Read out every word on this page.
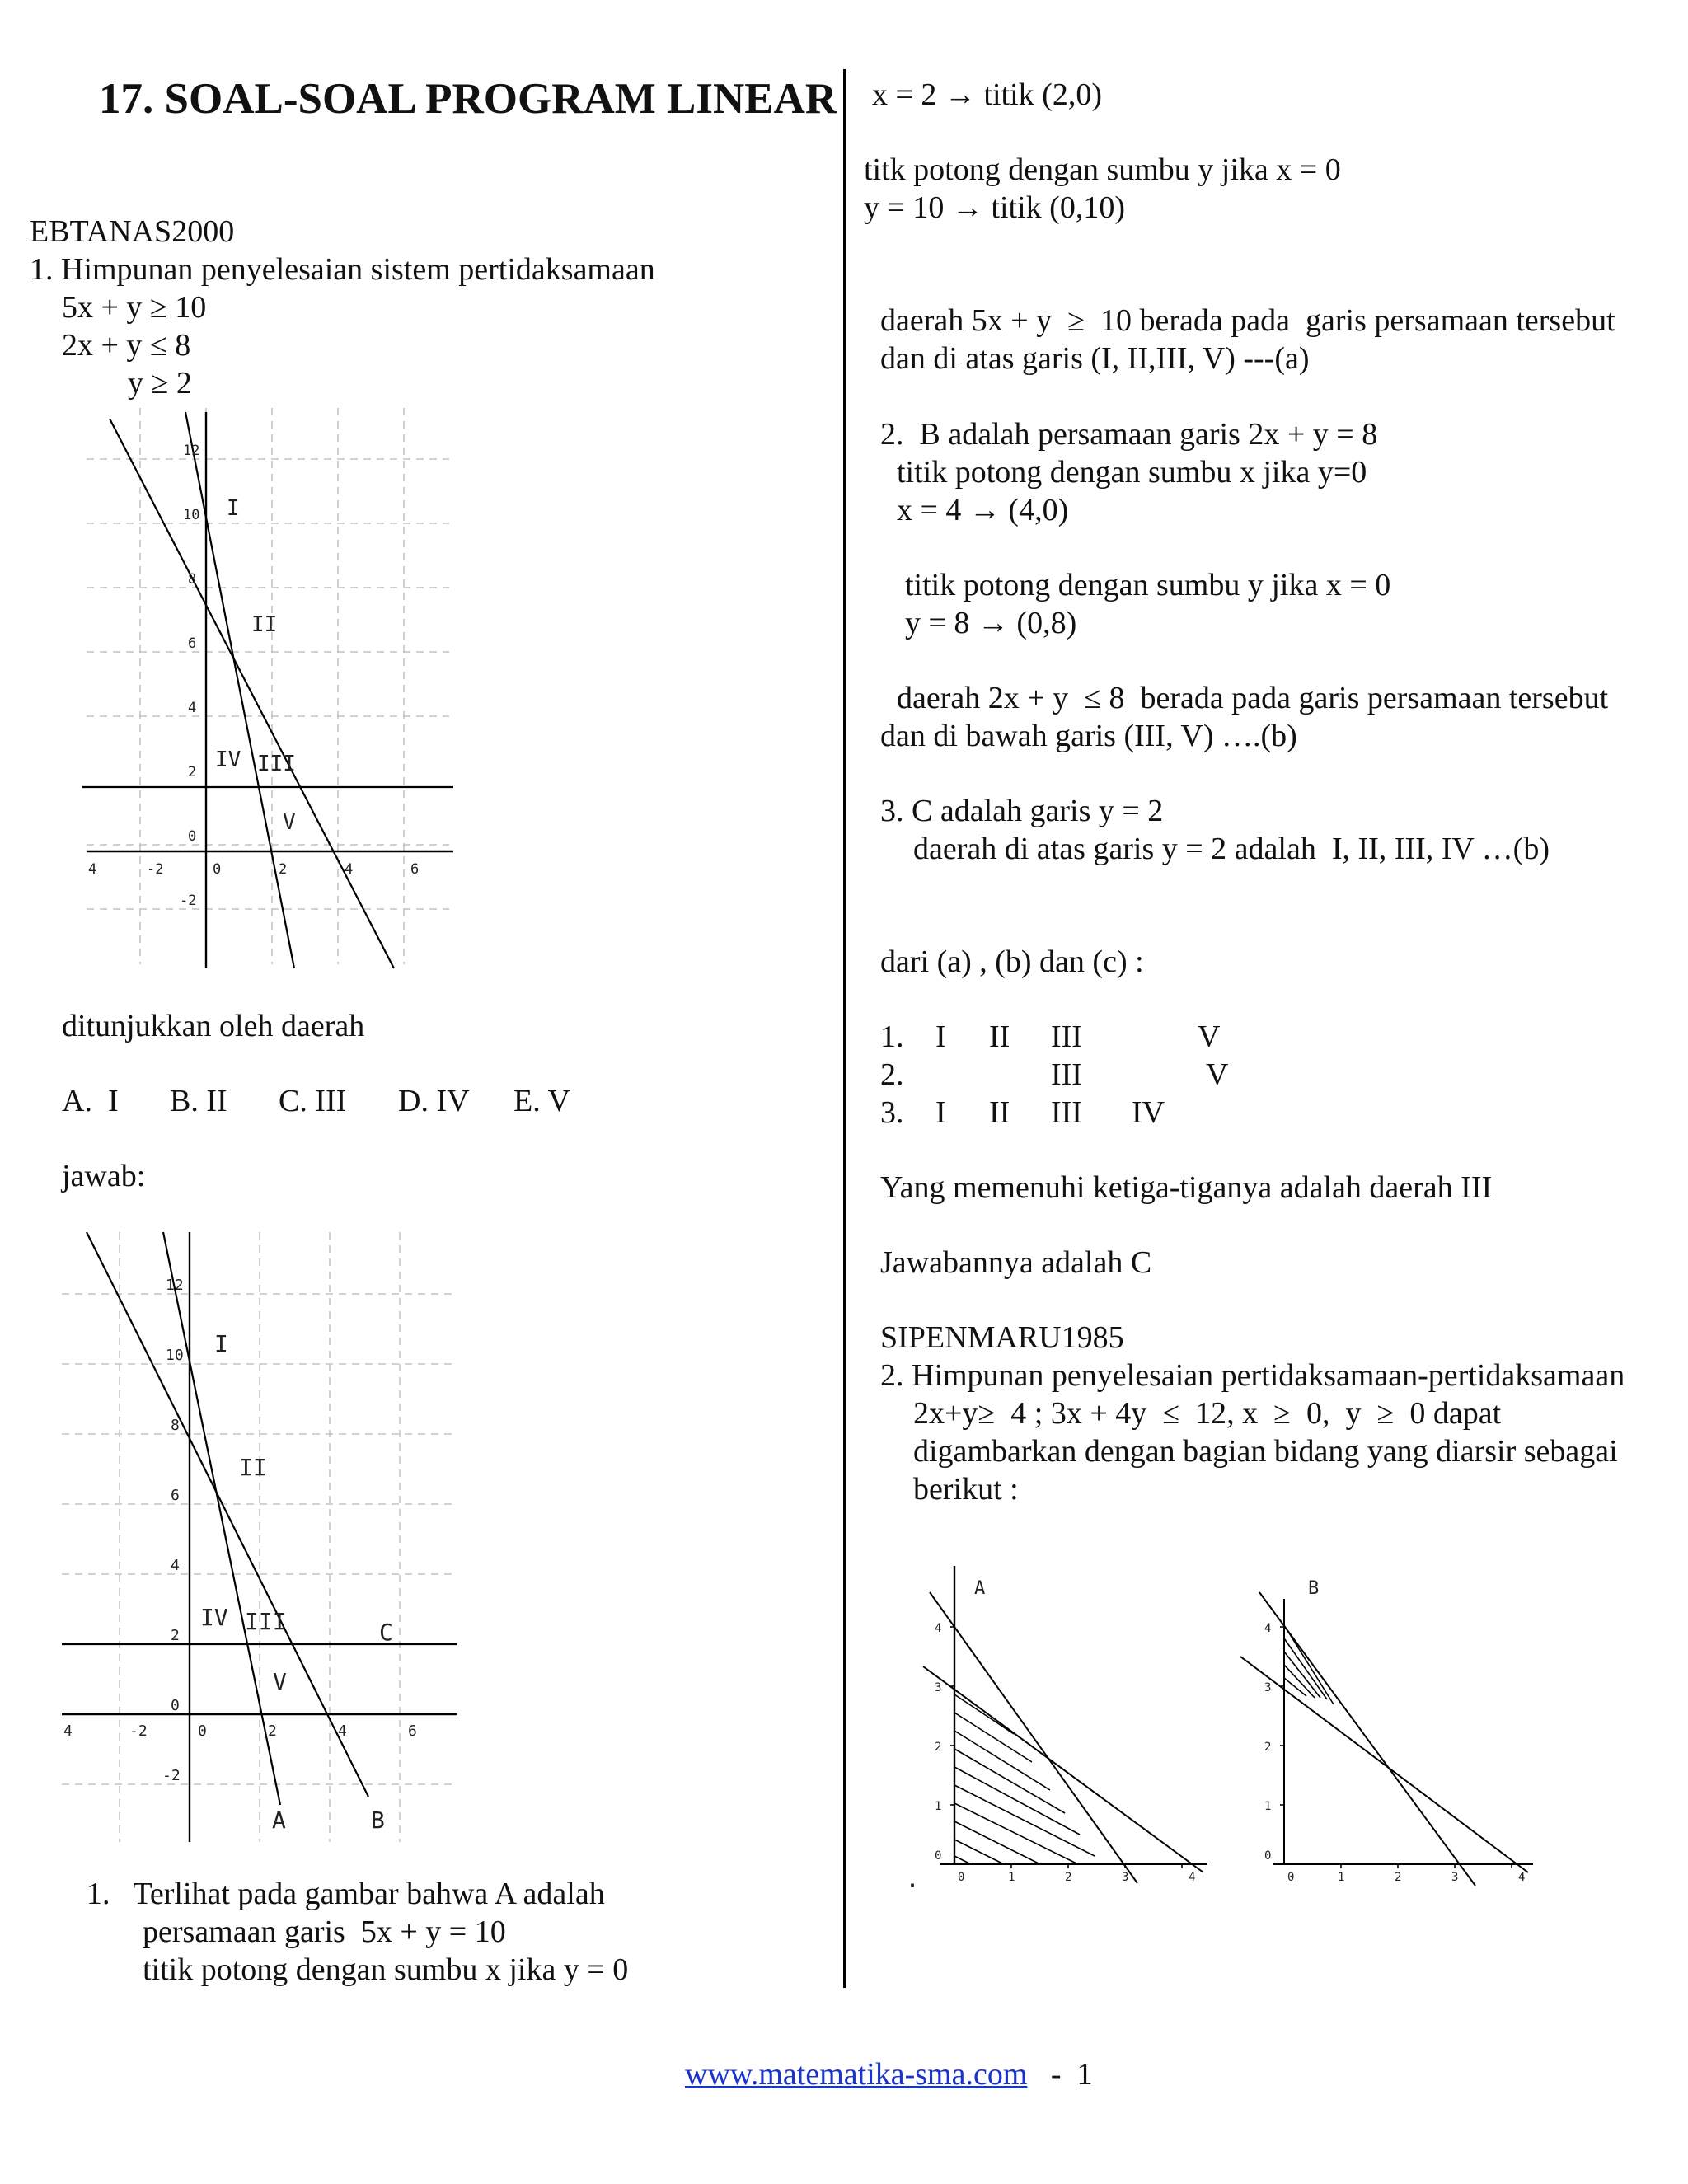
17. SOAL-SOAL PROGRAM LINEAR
EBTANAS2000
1. Himpunan penyelesaian sistem pertidaksamaan
5x + y ≥ 10
2x + y ≤ 8
y ≥ 2
4	-2	0	2	4	6
12
10
8
6
4
2
0
-2
I
II
IV III
V
ditunjukkan oleh daerah
A.  I B. II C. III D. IV E. V
jawab:
4	-2	0	2	4	6
12
10
8
6
4
2
0
-2
I
II
IV III
V
A	B
C
1.   Terlihat pada gambar bahwa A adalah
persamaan garis  5x + y = 10
titik potong dengan sumbu x jika y = 0
x = 2 → titik (2,0)
titk potong dengan sumbu y jika x = 0
y = 10 → titik (0,10)
daerah 5x + y  ≥  10 berada pada  garis persamaan tersebut
dan di atas garis (I, II,III, V) ---(a)
2.  B adalah persamaan garis 2x + y = 8
titik potong dengan sumbu x jika y=0
x = 4 → (4,0)
titik potong dengan sumbu y jika x = 0
y = 8 → (0,8)
daerah 2x + y  ≤ 8  berada pada garis persamaan tersebut
dan di bawah garis (III, V) ….(b)
3. C adalah garis y = 2
daerah di atas garis y = 2 adalah  I, II, III, IV …(b)
dari (a) , (b) dan (c) :
1. I II III	V
2.	III	V
3. I II III IV
Yang memenuhi ketiga-tiganya adalah daerah III
Jawabannya adalah C
SIPENMARU1985
2. Himpunan penyelesaian pertidaksamaan-pertidaksamaan
2x+y≥  4 ; 3x + 4y  ≤  12, x  ≥  0,  y  ≥  0 dapat
digambarkan dengan bagian bidang yang diarsir sebagai
berikut :
A	B
4
3
2
1
0
0	1	2	3	4
4
3
2
1
0
0	1	2	3	4
.

www.matematika-sma.com -  1
